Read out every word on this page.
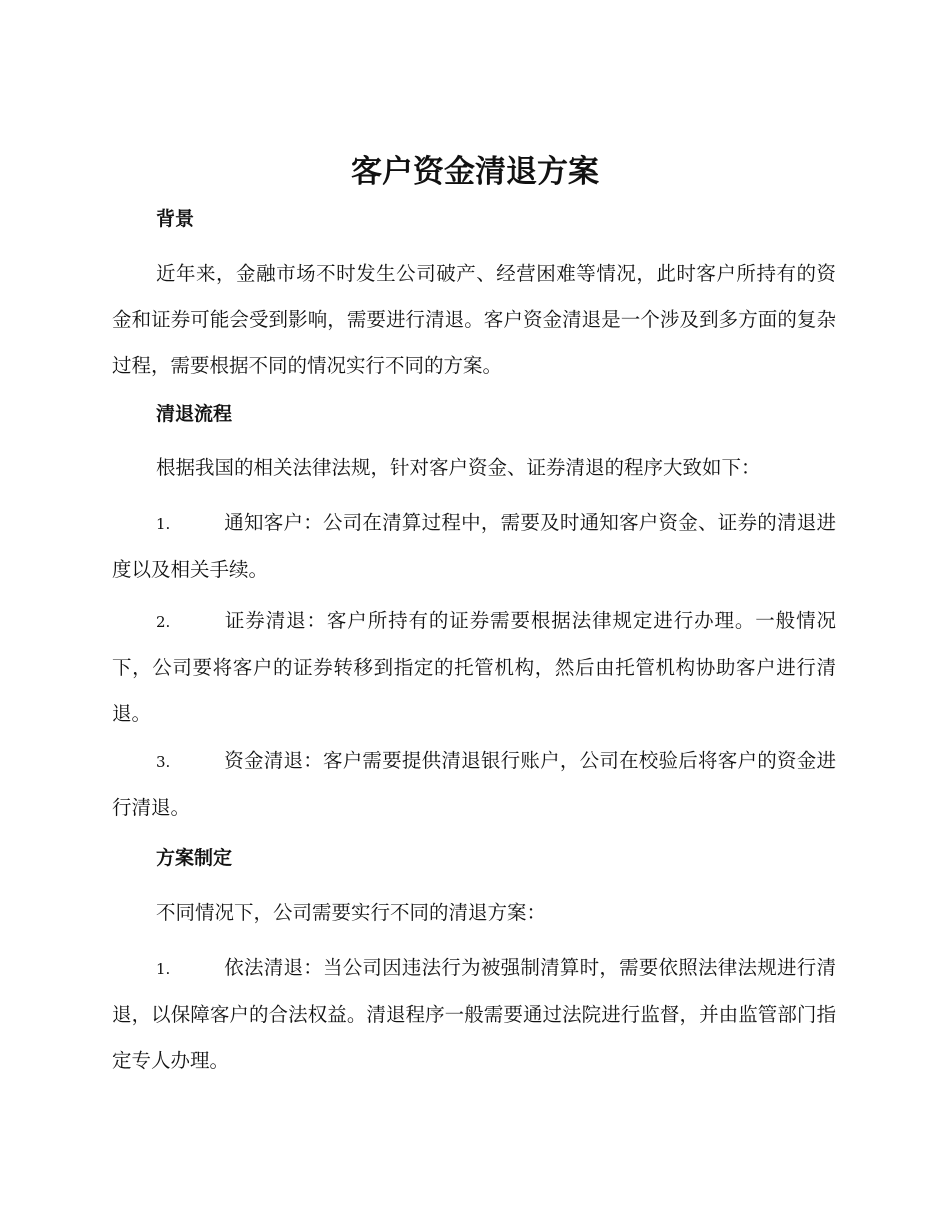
客户资金清退方案

背景

近年来，金融市场不时发生公司破产、经营困难等情况，此时客户所持有的资金和证券可能会受到影响，需要进行清退。客户资金清退是一个涉及到多方面的复杂过程，需要根据不同的情况实行不同的方案。

清退流程

根据我国的相关法律法规，针对客户资金、证券清退的程序大致如下：

1.	通知客户：公司在清算过程中，需要及时通知客户资金、证券的清退进度以及相关手续。

2.	证券清退：客户所持有的证券需要根据法律规定进行办理。一般情况下，公司要将客户的证券转移到指定的托管机构，然后由托管机构协助客户进行清退。

3.	资金清退：客户需要提供清退银行账户，公司在校验后将客户的资金进行清退。

方案制定

不同情况下，公司需要实行不同的清退方案：

1.	依法清退：当公司因违法行为被强制清算时，需要依照法律法规进行清退，以保障客户的合法权益。清退程序一般需要通过法院进行监督，并由监管部门指定专人办理。
